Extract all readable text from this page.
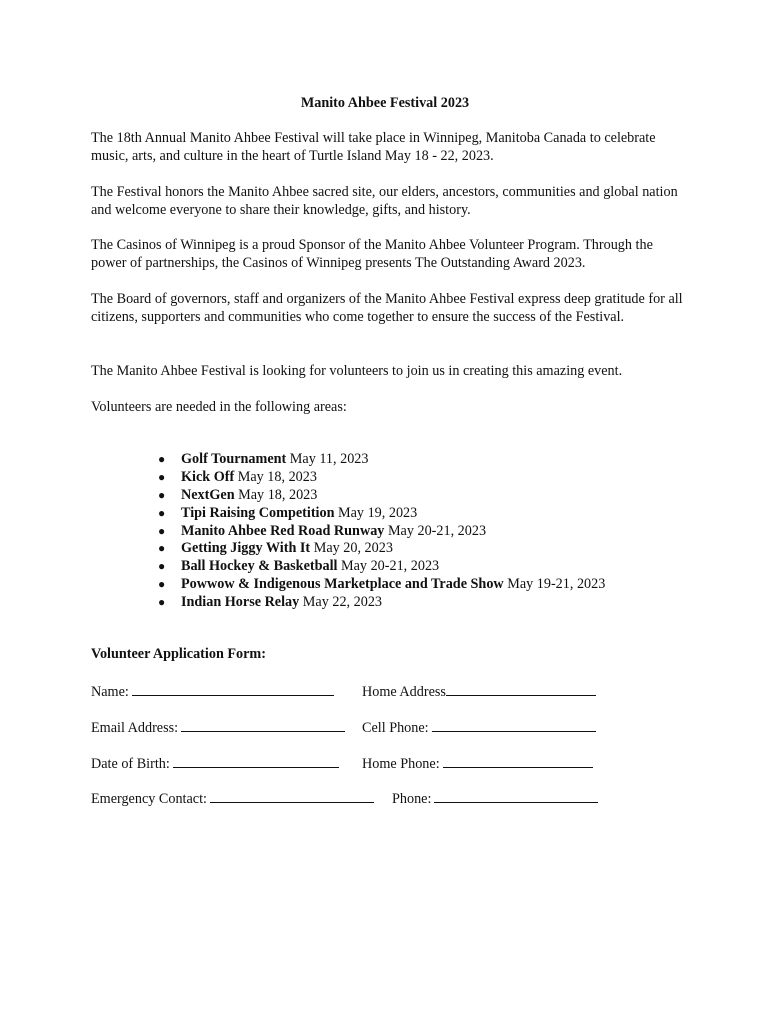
Manito Ahbee Festival 2023

The 18th Annual Manito Ahbee Festival will take place in Winnipeg, Manitoba Canada to celebrate music, arts, and culture in the heart of Turtle Island May 18 - 22, 2023.

The Festival honors the Manito Ahbee sacred site, our elders, ancestors, communities and global nation and welcome everyone to share their knowledge, gifts, and history.

The Casinos of Winnipeg is a proud Sponsor of the Manito Ahbee Volunteer Program. Through the power of partnerships, the Casinos of Winnipeg presents The Outstanding Award 2023.

The Board of governors, staff and organizers of the Manito Ahbee Festival express deep gratitude for all citizens, supporters and communities who come together to ensure the success of the Festival.

The Manito Ahbee Festival is looking for volunteers to join us in creating this amazing event.

Volunteers are needed in the following areas:

● Golf Tournament May 11, 2023
● Kick Off May 18, 2023
● NextGen May 18, 2023
● Tipi Raising Competition May 19, 2023
● Manito Ahbee Red Road Runway May 20-21, 2023
● Getting Jiggy With It May 20, 2023
● Ball Hockey & Basketball May 20-21, 2023
● Powwow & Indigenous Marketplace and Trade Show May 19-21, 2023
● Indian Horse Relay May 22, 2023
Volunteer Application Form:
Name:	Home Address
Email Address:	Cell Phone:
Date of Birth:	Home Phone:
Emergency Contact:	Phone:
